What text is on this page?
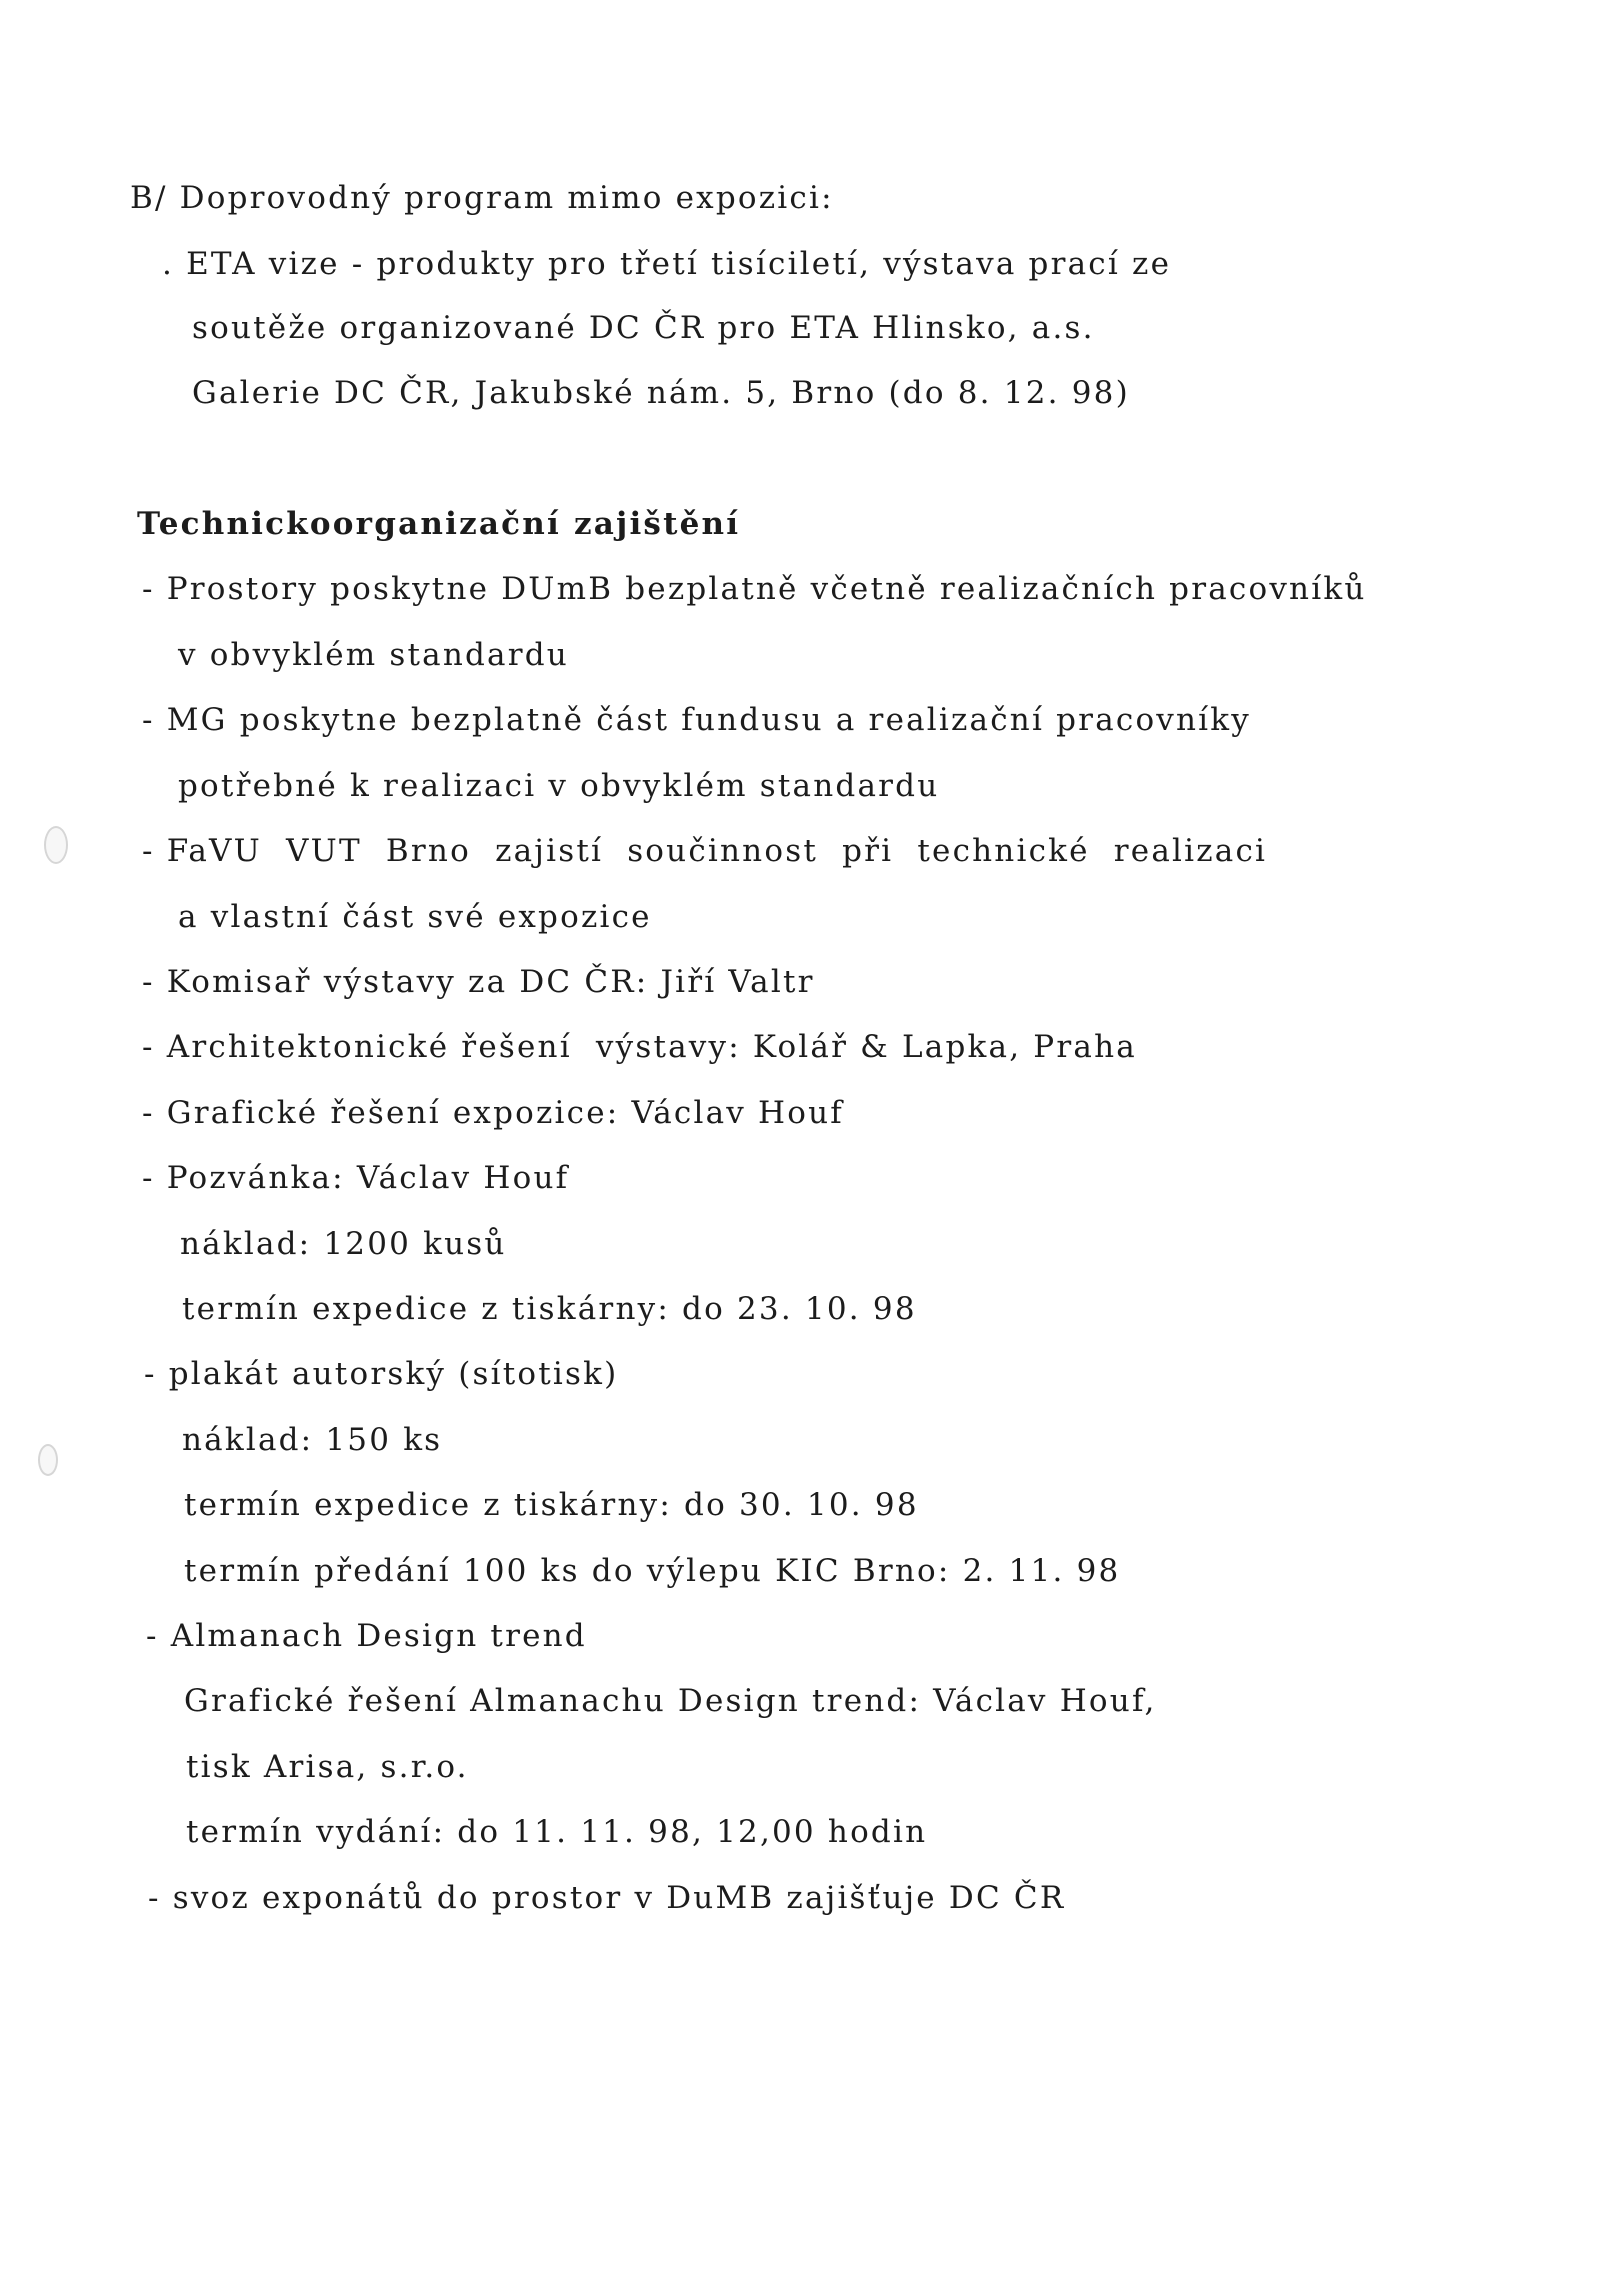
B/ Doprovodný program mimo expozici:
. ETA vize - produkty pro třetí tisíciletí, výstava prací ze
soutěže organizované DC ČR pro ETA Hlinsko, a.s.
Galerie DC ČR, Jakubské nám. 5, Brno (do 8. 12. 98)
Technickoorganizační zajištění
- Prostory poskytne DUmB bezplatně včetně realizačních pracovníků
v obvyklém standardu
- MG poskytne bezplatně část fundusu a realizační pracovníky
potřebné k realizaci v obvyklém standardu
- FaVU  VUT  Brno  zajistí  součinnost  při  technické  realizaci
a vlastní část své expozice
- Komisař výstavy za DC ČR: Jiří Valtr
- Architektonické řešení  výstavy: Kolář & Lapka, Praha
- Grafické řešení expozice: Václav Houf
- Pozvánka: Václav Houf
náklad: 1200 kusů
termín expedice z tiskárny: do 23. 10. 98
- plakát autorský (sítotisk)
náklad: 150 ks
termín expedice z tiskárny: do 30. 10. 98
termín předání 100 ks do výlepu KIC Brno: 2. 11. 98
- Almanach Design trend
Grafické řešení Almanachu Design trend: Václav Houf,
tisk Arisa, s.r.o.
termín vydání: do 11. 11. 98, 12,00 hodin
- svoz exponátů do prostor v DuMB zajišťuje DC ČR
